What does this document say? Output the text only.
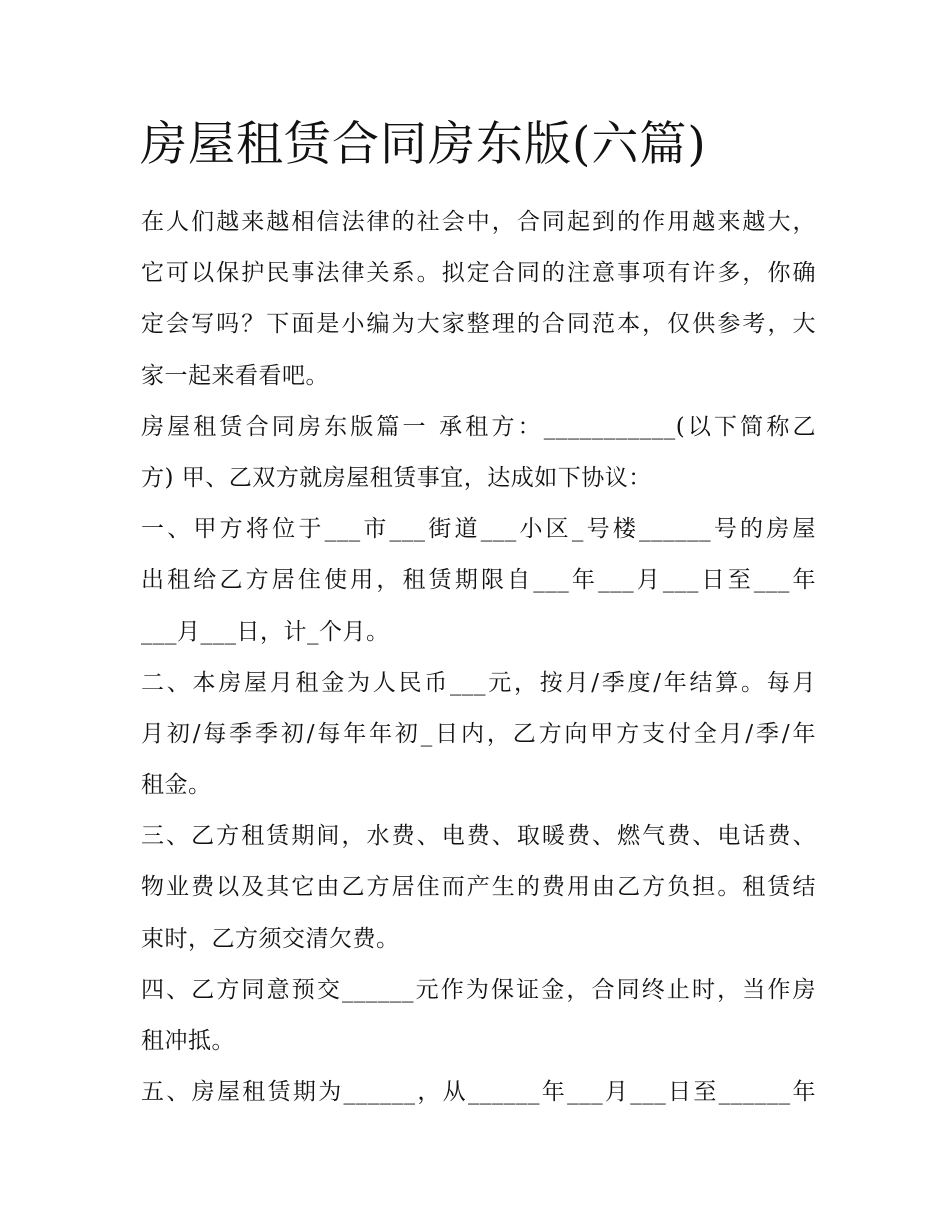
房屋租赁合同房东版(六篇)
在人们越来越相信法律的社会中，合同起到的作用越来越大，
它可以保护民事法律关系。拟定合同的注意事项有许多，你确
定会写吗？下面是小编为大家整理的合同范本，仅供参考，大
家一起来看看吧。
房屋租赁合同房东版篇一 承租方：___________(以下简称乙
方) 甲、乙双方就房屋租赁事宜，达成如下协议：
一、甲方将位于___市___街道___小区_号楼______号的房屋
出租给乙方居住使用，租赁期限自___年___月___日至___年
___月___日，计_个月。
二、本房屋月租金为人民币___元，按月/季度/年结算。每月
月初/每季季初/每年年初_日内，乙方向甲方支付全月/季/年
租金。
三、乙方租赁期间，水费、电费、取暖费、燃气费、电话费、
物业费以及其它由乙方居住而产生的费用由乙方负担。租赁结
束时，乙方须交清欠费。
四、乙方同意预交______元作为保证金，合同终止时，当作房
租冲抵。
五、房屋租赁期为______，从______年___月___日至______年
